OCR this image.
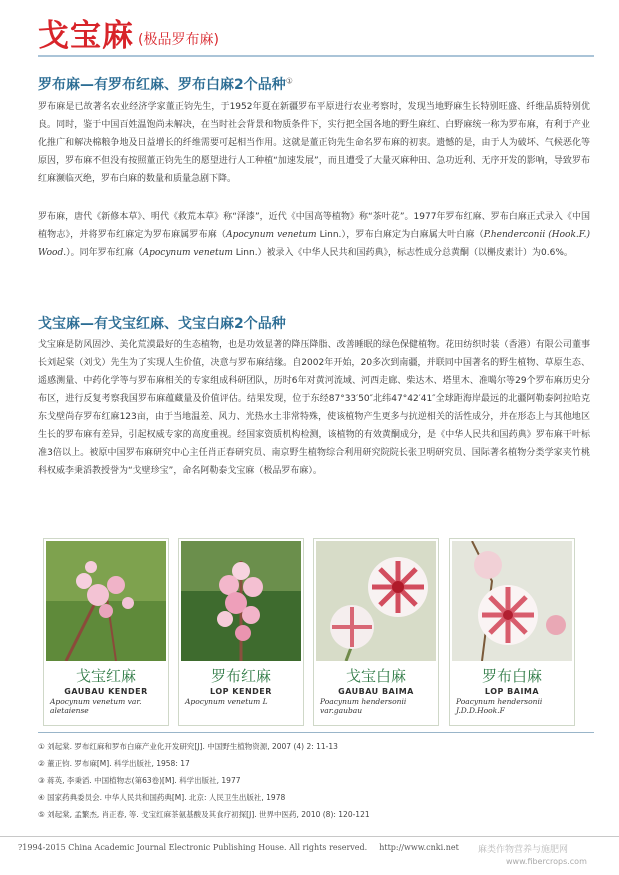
戈宝麻 (极品罗布麻)
罗布麻—有罗布红麻、罗布白麻2个品种①
罗布麻是已故著名农业经济学家董正钧先生，于1952年夏在新疆罗布平原进行农业考察时，发现当地野麻生长特别旺盛、纤维品质特别优良。同时，鉴于中国百姓温饱尚未解决，在当时社会背景和物质条件下，实行把全国各地的野生麻红、白野麻统一称为罗布麻，有利于产业化推广和解决棉粮争地及日益增长的纤维需要可起相当作用。这就是董正钧先生命名罗布麻的初衷。遗憾的是，由于人为破坏、气候恶化等原因，罗布麻不但没有按照董正钧先生的愿望进行人工种植“加速发展”，而且遭受了大量灭麻种田、急功近利、无序开发的影响，导致罗布红麻濒临灭绝，罗布白麻的数量和质量急剧下降。
罗布麻，唐代《新修本草》、明代《救荒本草》称“泽漆”，近代《中国高等植物》称“茶叶花”。1977年罗布红麻、罗布白麻正式录入《中国植物志》，并将罗布红麻定为罗布麻属罗布麻（Apocynum venetum Linn.），罗布白麻定为白麻属大叶白麻（P.henderconii (Hook.F.) Wood.）。同年罗布红麻（Apocynum venetum Linn.）被录入《中华人民共和国药典》，标志性成分总黄酮（以槲皮素计）为0.6%。
戈宝麻—有戈宝红麻、戈宝白麻2个品种
戈宝麻是防风固沙、美化荒漠最好的生态植物，也是功效显著的降压降脂、改善睡眠的绿色保健植物。花田纺织时装（香港）有限公司董事长刘起棠（刘戈）先生为了实现人生价值，决意与罗布麻结缘。自2002年开始，20多次到南疆，并联同中国著名的野生植物、草原生态、遥感测量、中药化学等与罗布麻相关的专家组成科研团队，历时6年对黄河流域、河西走廊、柴达木、塔里木、准噶尔等29个罗布麻历史分布区，进行反复考察我国罗布麻蕴藏量及价值评估。结果发现，位于东经87°33′50″北纬47°42′41″全球距海岸最远的北疆阿勒泰阿拉哈克东戈壁尚存罗布红麻123亩，由于当地温差、风力、光热水土非常特殊，使该植物产生更多与抗逆相关的活性成分，并在形态上与其他地区生长的罗布麻有差异，引起权威专家的高度重视。经国家资质机构检测，该植物的有效黄酮成分，是《中华人民共和国药典》罗布麻干叶标准3倍以上。被原中国罗布麻研究中心主任肖正春研究员、南京野生植物综合利用研究院院长张卫明研究员、国际著名植物分类学家夹竹桃科权威李秉滔教授誉为“戈壁珍宝”，命名阿勒泰戈宝麻（极品罗布麻）。
戈宝红麻
GAUBAU KENDER
Apocynum venetum var. aletaiense
罗布红麻
LOP KENDER
Apocynum venetum L
戈宝白麻
GAUBAU BAIMA
Poacynum hendersonii var.gaubau
罗布白麻
LOP BAIMA
Poacynum hendersonii J.D.D.Hook.F
① 刘起棠. 罗布红麻和罗布白麻产业化开发研究[J]. 中国野生植物资源, 2007 (4) 2: 11-13
② 董正钧. 罗布麻[M]. 科学出版社, 1958: 17
③ 蒋英, 李秉滔. 中国植物志(第63卷)[M]. 科学出版社, 1977
④ 国家药典委员会. 中华人民共和国药典[M]. 北京: 人民卫生出版社, 1978
⑤ 刘起棠, 孟繁杰, 肖正春, 等. 戈宝红麻茶氨基酸及其食疗初探[J]. 世界中医药, 2010 (8): 120-121
?1994-2015 China Academic Journal Electronic Publishing House. All rights reserved. http://www.cnki.net 麻类作物营养与施肥网
www.fibercrops.com
